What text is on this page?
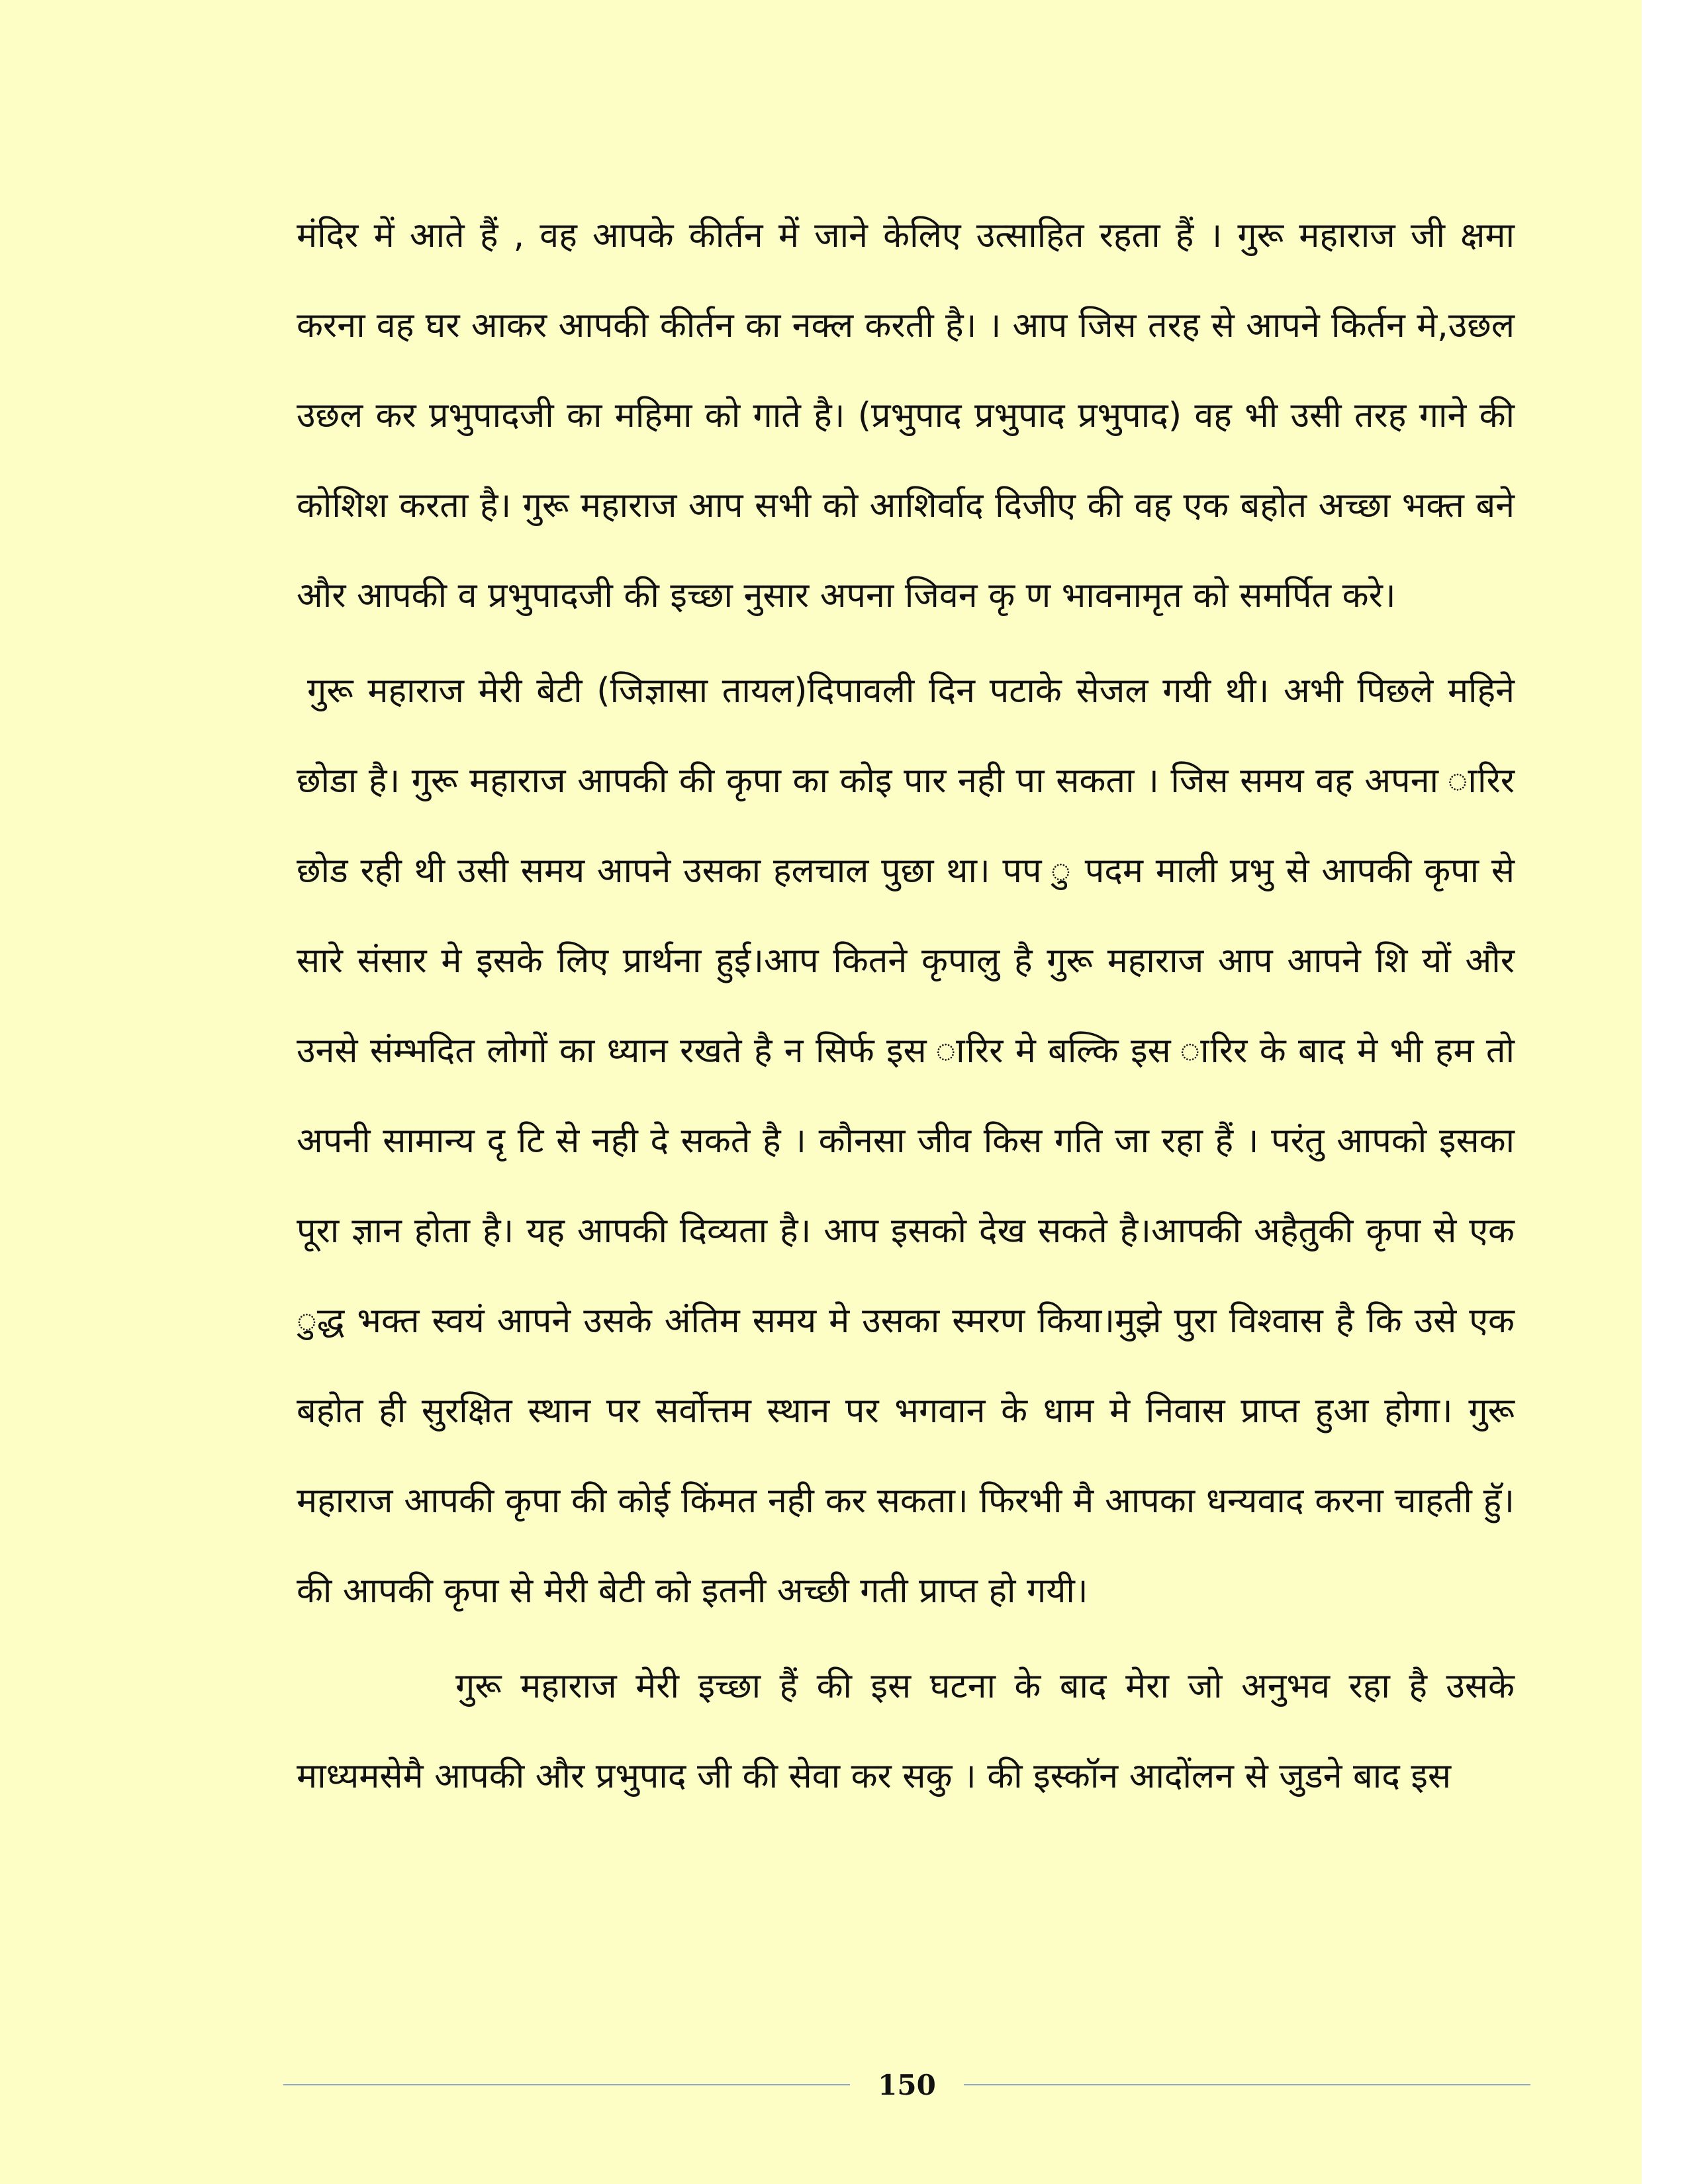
मंदिर में आते हैं , वह आपके कीर्तन में जाने केलिए उत्साहित रहता हैं । गुरू महाराज जी क्षमा करना वह घर आकर आपकी कीर्तन का नक्ल करती है। । आप जिस तरह से आपने किर्तन मे,उछल उछल कर प्रभुपादजी का महिमा को गाते है। (प्रभुपाद प्रभुपाद प्रभुपाद) वह भी उसी तरह गाने की कोशिश करता है। गुरू महाराज आप सभी को आशिर्वाद दिजीए की वह एक बहोत अच्छा भक्त बने और आपकी व प्रभुपादजी की इच्छा नुसार अपना जिवन कृ ण भावनामृत को समर्पित करे।

गुरू महाराज मेरी बेटी (जिज्ञासा तायल)दिपावली दिन पटाके सेजल गयी थी। अभी पिछले महिने छोडा है। गुरू महाराज आपकी की कृपा का कोइ पार नही पा सकता । जिस समय वह अपना ारिर छोड रही थी उसी समय आपने उसका हलचाल पुछा था। पप ु पदम माली प्रभु से आपकी कृपा से सारे संसार मे इसके लिए प्रार्थना हुई।आप कितने कृपालु है गुरू महाराज आप आपने शि यों और उनसे संम्भदित लोगों का ध्यान रखते है न सिर्फ इस ारिर मे बल्कि इस ारिर के बाद मे भी हम तो अपनी सामान्य दृ टि से नही दे सकते है । कौनसा जीव किस गति जा रहा हैं । परंतु आपको इसका पूरा ज्ञान होता है। यह आपकी दिव्यता है। आप इसको देख सकते है।आपकी अहैतुकी कृपा से एक ुद्ध भक्त स्वयं आपने उसके अंतिम समय मे उसका स्मरण किया।मुझे पुरा विश्वास है कि उसे एक बहोत ही सुरक्षित स्थान पर सर्वोत्तम स्थान पर भगवान के धाम मे निवास प्राप्त हुआ होगा। गुरू महाराज आपकी कृपा की कोई किंमत नही कर सकता। फिरभी मै आपका धन्यवाद करना चाहती हुॅ।की आपकी कृपा से मेरी बेटी को इतनी अच्छी गती प्राप्त हो गयी।

गुरू महाराज मेरी इच्छा हैं की इस घटना के बाद मेरा जो अनुभव रहा है उसके माध्यमसेमै आपकी और प्रभुपाद जी की सेवा कर सकु । की इस्कॉन आदोंलन से जुडने बाद इस

150
